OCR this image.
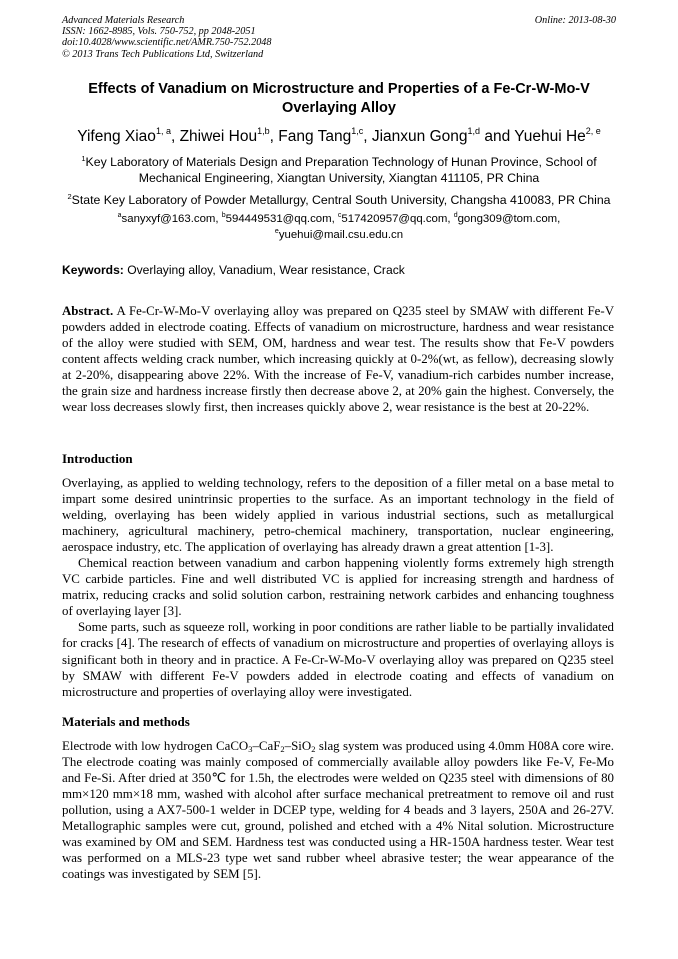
Advanced Materials Research
ISSN: 1662-8985, Vols. 750-752, pp 2048-2051
doi:10.4028/www.scientific.net/AMR.750-752.2048
© 2013 Trans Tech Publications Ltd, Switzerland
Online: 2013-08-30
Effects of Vanadium on Microstructure and Properties of a Fe-Cr-W-Mo-V
Overlaying Alloy
Yifeng Xiao$^{1, a}$, Zhiwei Hou$^{1,b}$, Fang Tang$^{1,c}$, Jianxun Gong$^{1,d}$ and Yuehui He$^{2, e}$
$^1$Key Laboratory of Materials Design and Preparation Technology of Hunan Province, School of
Mechanical Engineering, Xiangtan University, Xiangtan 411105, PR China
$^2$State Key Laboratory of Powder Metallurgy, Central South University, Changsha 410083, PR China
$^a$sanyxyf@163.com, $^b$594449531@qq.com, $^c$517420957@qq.com, $^d$gong309@tom.com,
$^e$yuehui@mail.csu.edu.cn
Keywords: Overlaying alloy, Vanadium, Wear resistance, Crack

Abstract. A Fe-Cr-W-Mo-V overlaying alloy was prepared on Q235 steel by SMAW with different Fe-V powders added in electrode coating. Effects of vanadium on microstructure, hardness and wear resistance of the alloy were studied with SEM, OM, hardness and wear test. The results show that Fe-V powders content affects welding crack number, which increasing quickly at 0-2%(wt, as fellow), decreasing slowly at 2-20%, disappearing above 22%. With the increase of Fe-V, vanadium-rich carbides number increase, the grain size and hardness increase firstly then decrease above 2, at 20% gain the highest. Conversely, the wear loss decreases slowly first, then increases quickly above 2, wear resistance is the best at 20-22%.

Introduction

Overlaying, as applied to welding technology, refers to the deposition of a filler metal on a base metal to impart some desired unintrinsic properties to the surface. As an important technology in the field of welding, overlaying has been widely applied in various industrial sections, such as metallurgical machinery, agricultural machinery, petro-chemical machinery, transportation, nuclear engineering, aerospace industry, etc. The application of overlaying has already drawn a great attention [1-3].

Chemical reaction between vanadium and carbon happening violently forms extremely high strength VC carbide particles. Fine and well distributed VC is applied for increasing strength and hardness of matrix, reducing cracks and solid solution carbon, restraining network carbides and enhancing toughness of overlaying layer [3].

Some parts, such as squeeze roll, working in poor conditions are rather liable to be partially invalidated for cracks [4]. The research of effects of vanadium on microstructure and properties of overlaying alloys is significant both in theory and in practice. A Fe-Cr-W-Mo-V overlaying alloy was prepared on Q235 steel by SMAW with different Fe-V powders added in electrode coating and effects of vanadium on microstructure and properties of overlaying alloy were investigated.

Materials and methods

Electrode with low hydrogen CaCO$_3$–CaF$_2$–SiO$_2$ slag system was produced using 4.0mm H08A core wire. The electrode coating was mainly composed of commercially available alloy powders like Fe-V, Fe-Mo and Fe-Si. After dried at 350℃ for 1.5h, the electrodes were welded on Q235 steel with dimensions of 80 mm×120 mm×18 mm, washed with alcohol after surface mechanical pretreatment to remove oil and rust pollution, using a AX7-500-1 welder in DCEP type, welding for 4 beads and 3 layers, 250A and 26-27V. Metallographic samples were cut, ground, polished and etched with a 4% Nital solution. Microstructure was examined by OM and SEM. Hardness test was conducted using a HR-150A hardness tester. Wear test was performed on a MLS-23 type wet sand rubber wheel abrasive tester; the wear appearance of the coatings was investigated by SEM [5].
